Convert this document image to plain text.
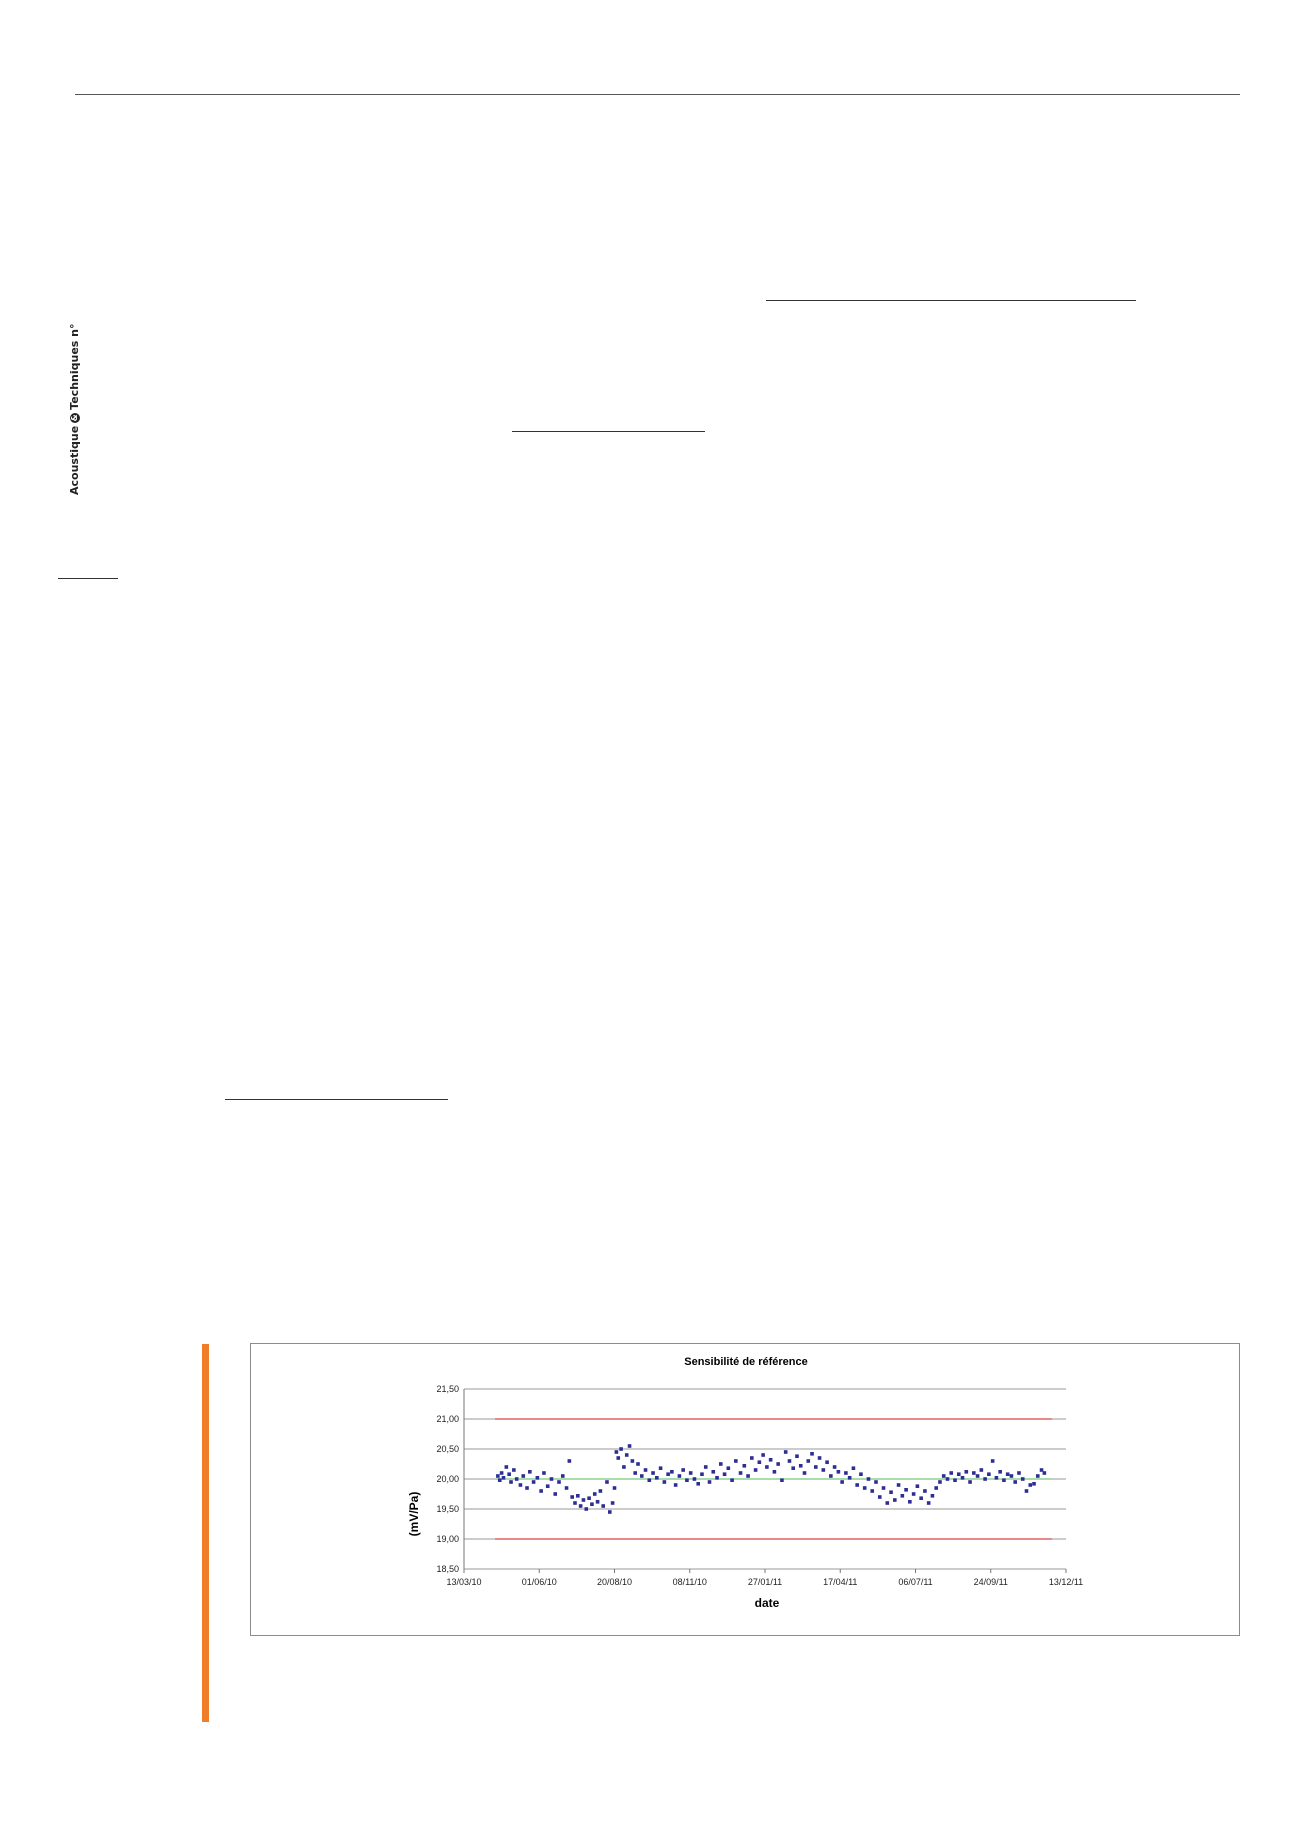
Acoustique
&
Techniques n°
Sensibilité de référence
18,50
19,00
19,50
20,00
20,50
21,00
21,50
13/03/10	01/06/10	20/08/10	08/11/10	27/01/11	17/04/11	06/07/11	24/09/11	13/12/11
date
(mV/Pa)
